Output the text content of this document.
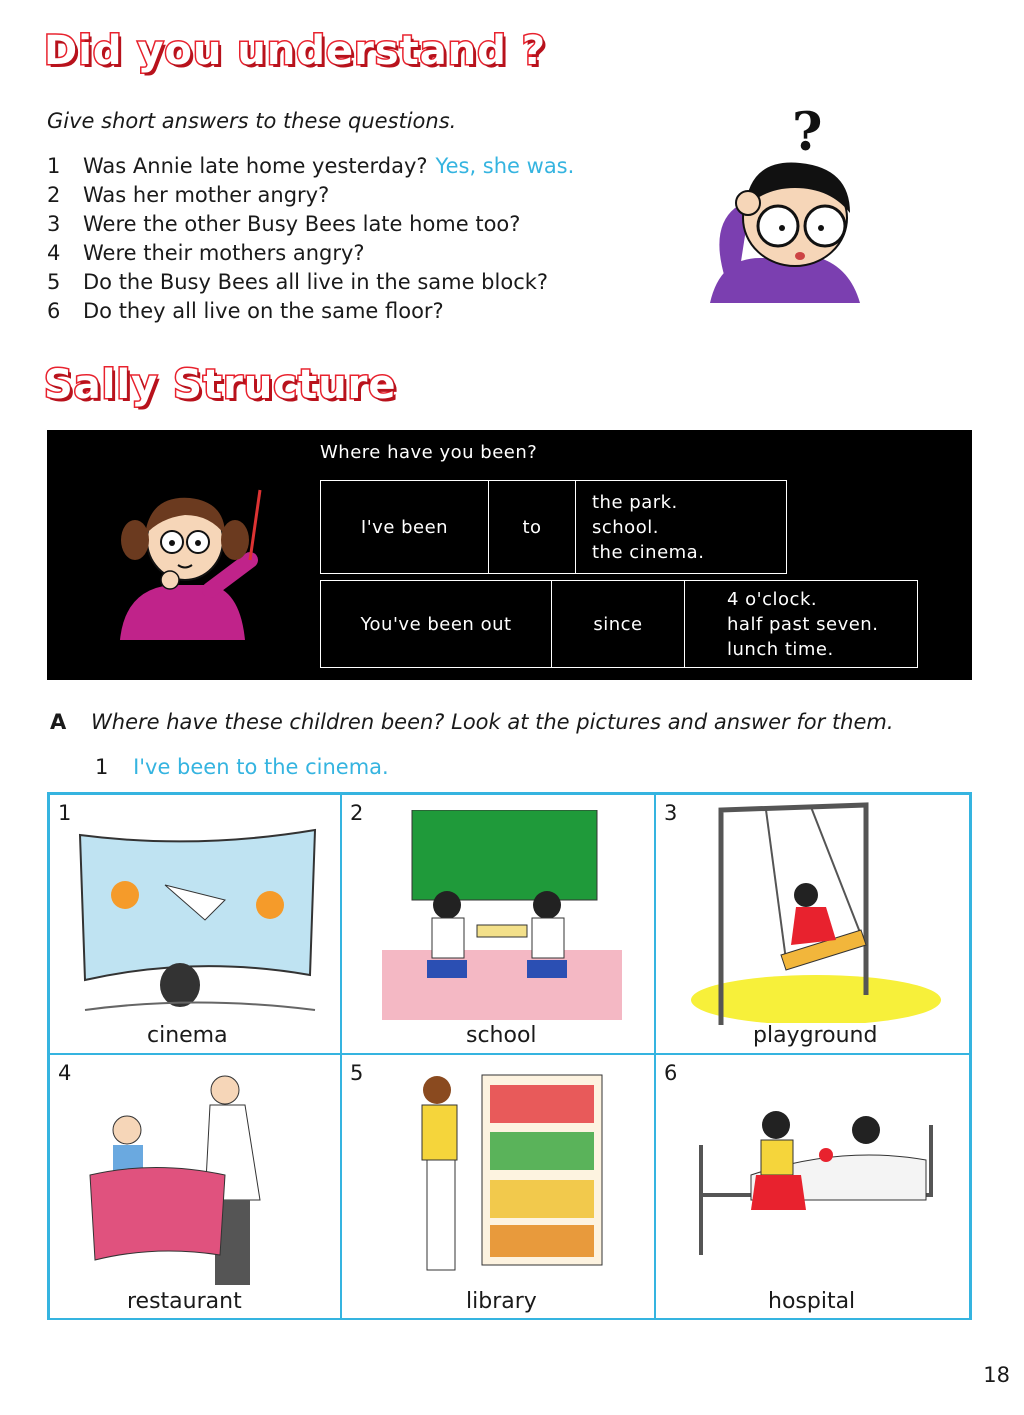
Did you understand ?
Give short answers to these questions.
1	Was Annie late home yesterday? Yes, she was.
2	Was her mother angry?
3	Were the other Busy Bees late home too?
4	Were their mothers angry?
5	Do the Busy Bees all live in the same block?
6	Do they all live on the same floor?
?
Sally Structure
Where have you been?
I've been	to	
the park.
school.
the cinema.
You've been out	since	
4 o'clock.
half past seven.
lunch time.
A Where have these children been? Look at the pictures and answer for them.
1 I've been to the cinema.
1
cinema
2
school
3
playground
4
restaurant
5
library
6
hospital
18
